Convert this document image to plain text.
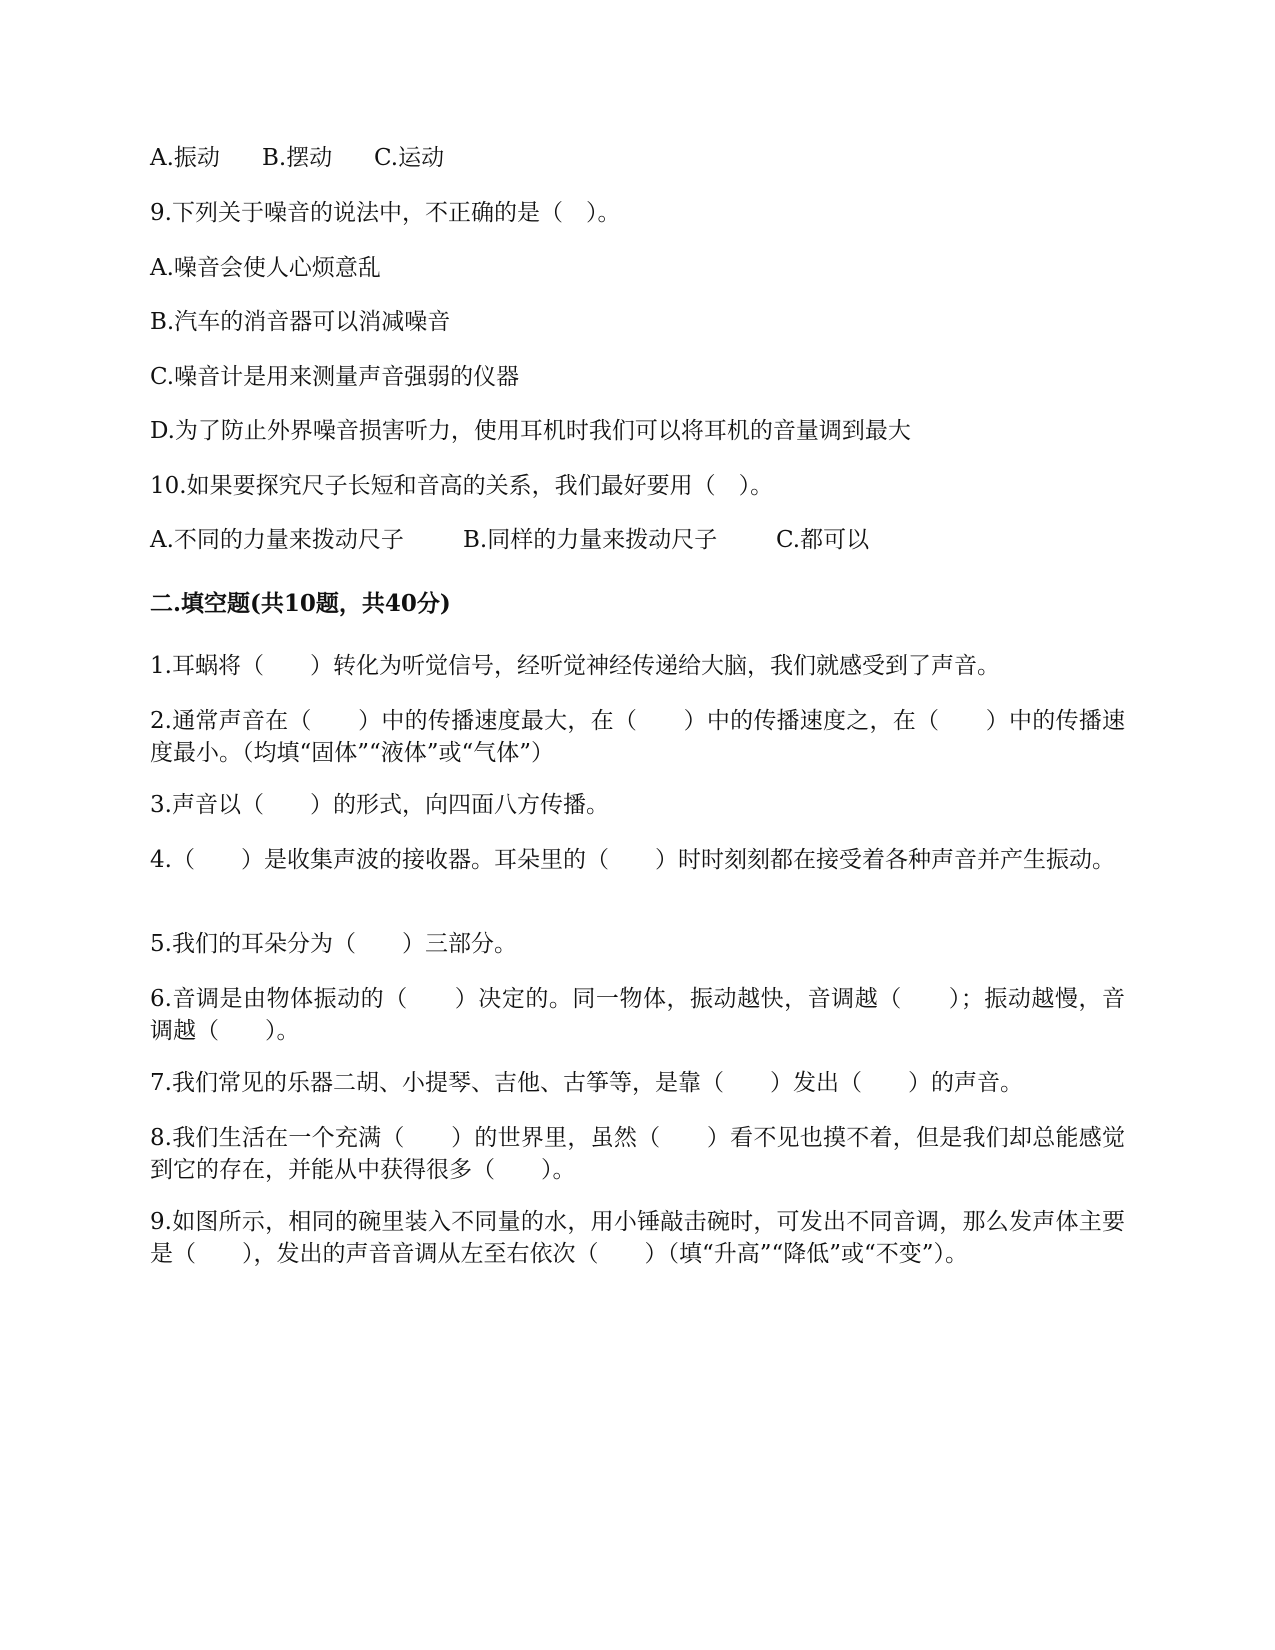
A.振动 B.摆动 C.运动
9.下列关于噪音的说法中，不正确的是（　）。
A.噪音会使人心烦意乱
B.汽车的消音器可以消减噪音
C.噪音计是用来测量声音强弱的仪器
D.为了防止外界噪音损害听力，使用耳机时我们可以将耳机的音量调到最大
10.如果要探究尺子长短和音高的关系，我们最好要用（　）。
A.不同的力量来拨动尺子	B.同样的力量来拨动尺子	C.都可以
二.填空题(共10题，共40分)
1.耳蜗将（　　）转化为听觉信号，经听觉神经传递给大脑，我们就感受到了声音。
2.通常声音在（　　）中的传播速度最大，在（　　）中的传播速度之，在（　　）中的传播速度最小。（均填“固体”“液体”或“气体”）
3.声音以（　　）的形式，向四面八方传播。
4.（　　）是收集声波的接收器。耳朵里的（　　）时时刻刻都在接受着各种声音并产生振动。
5.我们的耳朵分为（　　）三部分。
6.音调是由物体振动的（　　）决定的。同一物体，振动越快，音调越（　　）；振动越慢，音调越（　　）。
7.我们常见的乐器二胡、小提琴、吉他、古筝等，是靠（　　）发出（　　）的声音。
8.我们生活在一个充满（　　）的世界里，虽然（　　）看不见也摸不着，但是我们却总能感觉到它的存在，并能从中获得很多（　　）。
9.如图所示，相同的碗里装入不同量的水，用小锤敲击碗时，可发出不同音调，那么发声体主要是（　　），发出的声音音调从左至右依次（　　）（填“升高”“降低”或“不变”）。
